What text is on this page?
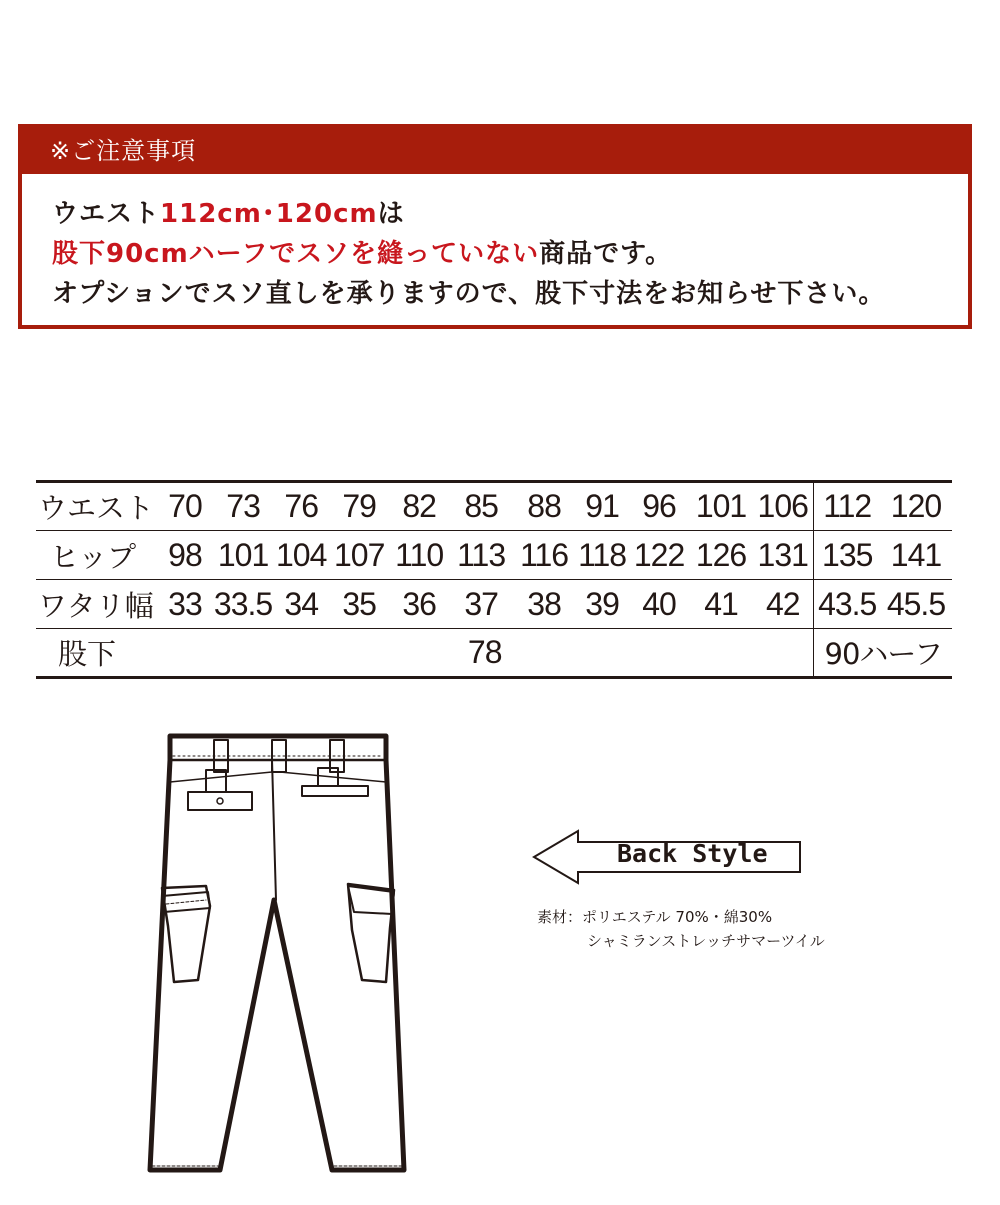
※ご注意事項
ウエスト112cm･120cmは
股下90cmハーフでスソを縫っていない商品です。
オプションでスソ直しを承りますので、股下寸法をお知らせ下さい。
ウエスト	70	73	76	79	82	85	88	91	96	101	106	112	120
ヒップ	98	101	104	107	110	113	116	118	122	126	131	135	141
ワタリ幅	33	33.5	34	35	36	37	38	39	40	41	42	43.5	45.5
股下	78											90ハーフ	
Back Style
素材：ポリエステル 70%・綿30%
シャミランストレッチサマーツイル
